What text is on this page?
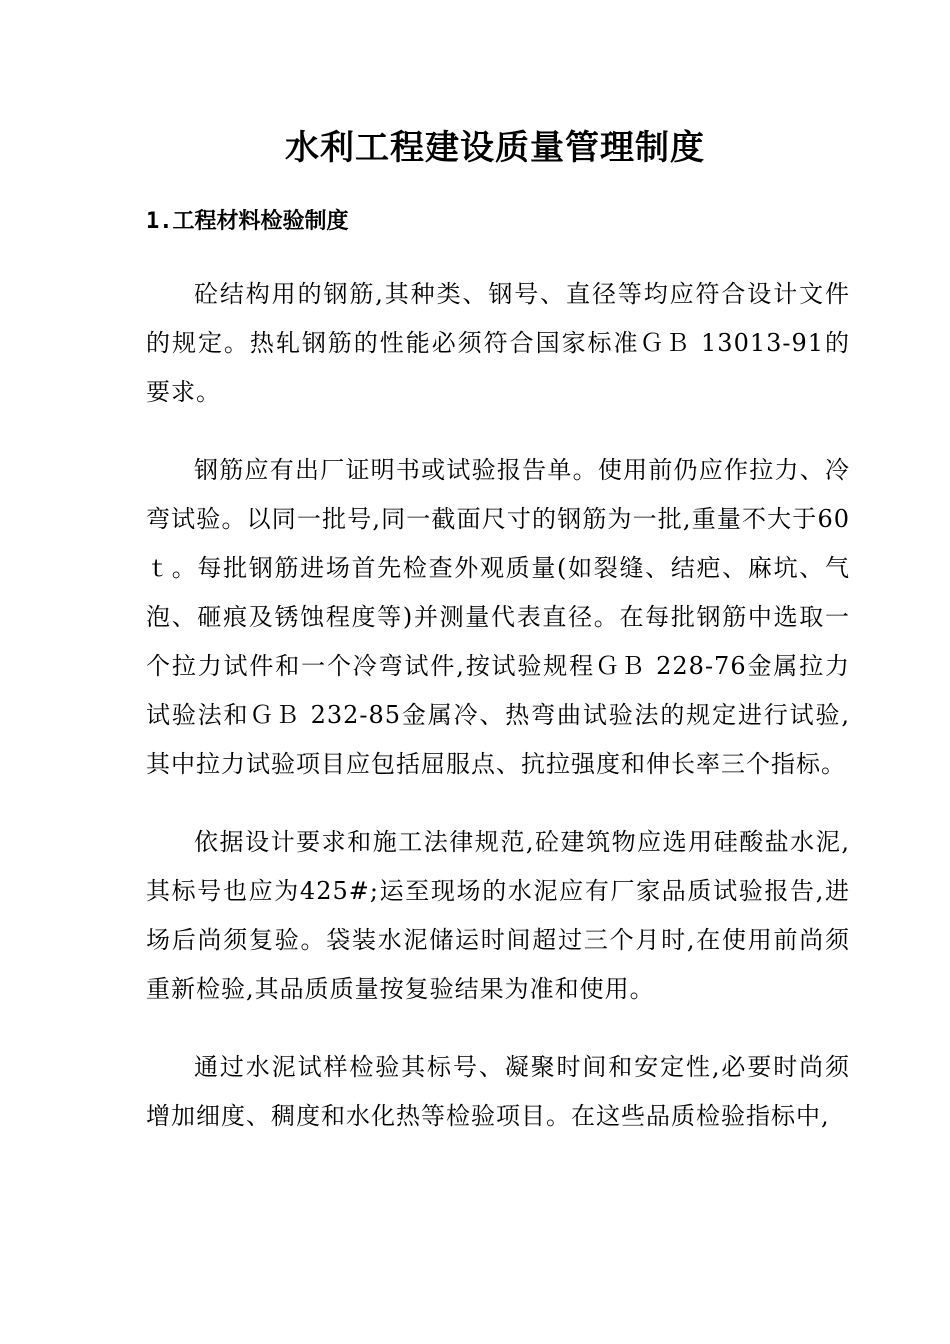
水利工程建设质量管理制度
1.工程材料检验制度

砼结构用的钢筋,其种类、钢号、直径等均应符合设计文件的规定。热轧钢筋的性能必须符合国家标准ＧＢ 13013-91的要求。

钢筋应有出厂证明书或试验报告单。使用前仍应作拉力、冷弯试验。以同一批号,同一截面尺寸的钢筋为一批,重量不大于60 ｔ。每批钢筋进场首先检查外观质量(如裂缝、结疤、麻坑、气泡、砸痕及锈蚀程度等)并测量代表直径。在每批钢筋中选取一个拉力试件和一个冷弯试件,按试验规程ＧＢ 228-76金属拉力试验法和ＧＢ 232-85金属冷、热弯曲试验法的规定进行试验,其中拉力试验项目应包括屈服点、抗拉强度和伸长率三个指标。

依据设计要求和施工法律规范,砼建筑物应选用硅酸盐水泥,其标号也应为425#;运至现场的水泥应有厂家品质试验报告,进场后尚须复验。袋装水泥储运时间超过三个月时,在使用前尚须重新检验,其品质质量按复验结果为准和使用。

通过水泥试样检验其标号、凝聚时间和安定性,必要时尚须增加细度、稠度和水化热等检验项目。在这些品质检验指标中,
